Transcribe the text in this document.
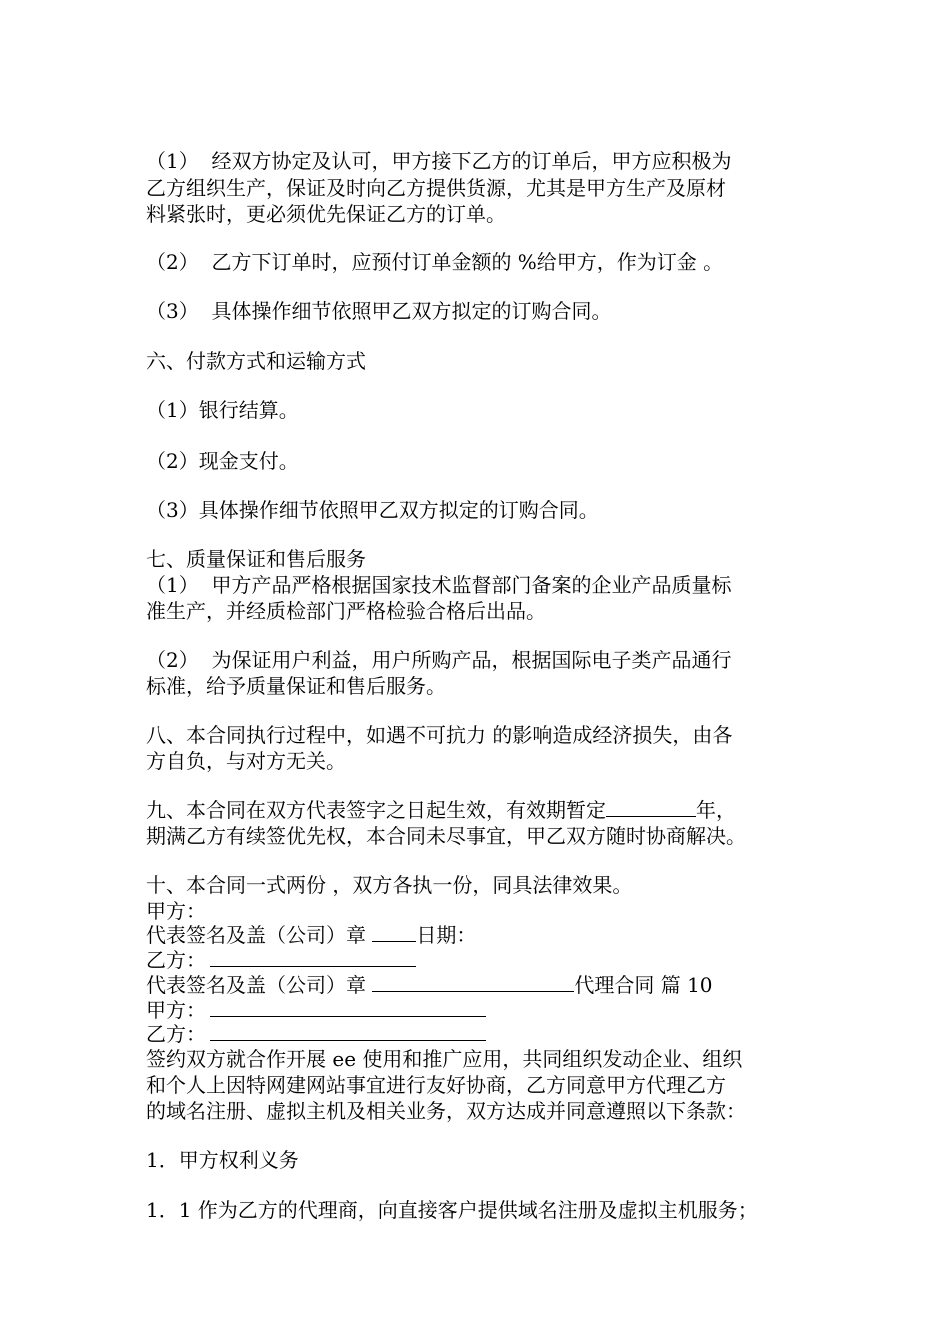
（1）  经双方协定及认可，甲方接下乙方的订单后，甲方应积极为
乙方组织生产，保证及时向乙方提供货源，尤其是甲方生产及原材
料紧张时，更必须优先保证乙方的订单。
（2）  乙方下订单时，应预付订单金额的 %给甲方，作为订金 。
（3）  具体操作细节依照甲乙双方拟定的订购合同。
六、付款方式和运输方式
（1）银行结算。
（2）现金支付。
（3）具体操作细节依照甲乙双方拟定的订购合同。
七、质量保证和售后服务
（1）  甲方产品严格根据国家技术监督部门备案的企业产品质量标
准生产，并经质检部门严格检验合格后出品。
（2）  为保证用户利益，用户所购产品，根据国际电子类产品通行
标准，给予质量保证和售后服务。
八、本合同执行过程中，如遇不可抗力 的影响造成经济损失，由各
方自负，与对方无关。
九、本合同在双方代表签字之日起生效，有效期暂定	年，
期满乙方有续签优先权，本合同未尽事宜，甲乙双方随时协商解决。
十、本合同一式两份 ，双方各执一份，同具法律效果。
甲方：
代表签名及盖（公司）章 日期：
乙方：
代表签名及盖（公司）章	代理合同 篇 10
甲方：
乙方：
签约双方就合作开展 ee 使用和推广应用，共同组织发动企业、组织
和个人上因特网建网站事宜进行友好协商，乙方同意甲方代理乙方
的域名注册、虚拟主机及相关业务，双方达成并同意遵照以下条款：
1．甲方权利义务
1．1 作为乙方的代理商，向直接客户提供域名注册及虚拟主机服务；
